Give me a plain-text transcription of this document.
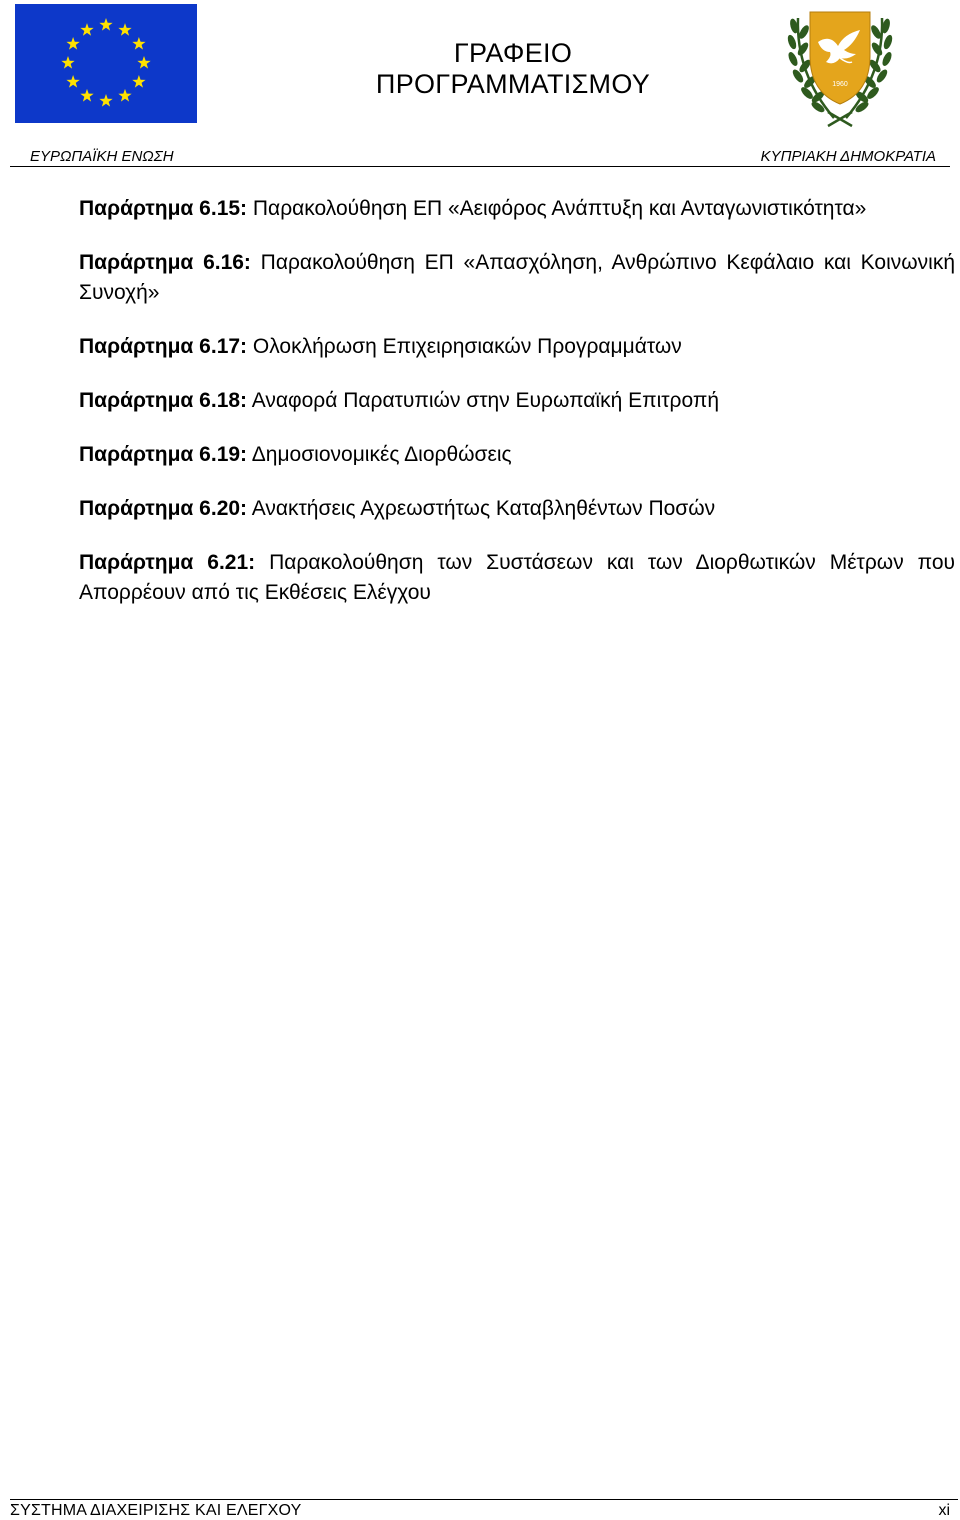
1960
ΓΡΑΦΕΙΟ
ΠΡΟΓΡΑΜΜΑΤΙΣΜΟΥ
ΕΥΡΩΠΑΪΚΗ ΕΝΩΣΗ	ΚΥΠΡΙΑΚΗ ΔΗΜΟΚΡΑΤΙΑ

Παράρτημα 6.15: Παρακολούθηση ΕΠ «Αειφόρος Ανάπτυξη και Ανταγωνιστικότητα»

Παράρτημα 6.16: Παρακολούθηση ΕΠ «Απασχόληση, Ανθρώπινο Κεφάλαιο και Κοινωνική Συνοχή»

Παράρτημα 6.17: Ολοκλήρωση Επιχειρησιακών Προγραμμάτων

Παράρτημα 6.18: Αναφορά Παρατυπιών στην Ευρωπαϊκή Επιτροπή

Παράρτημα 6.19: Δημοσιονομικές Διορθώσεις

Παράρτημα 6.20: Ανακτήσεις Αχρεωστήτως Καταβληθέντων Ποσών

Παράρτημα 6.21: Παρακολούθηση των Συστάσεων και των Διορθωτικών Μέτρων που Απορρέουν από τις Εκθέσεις Ελέγχου

ΣΥΣΤΗΜΑ ΔΙΑΧΕΙΡΙΣΗΣ ΚΑΙ ΕΛΕΓΧΟΥ	xi
